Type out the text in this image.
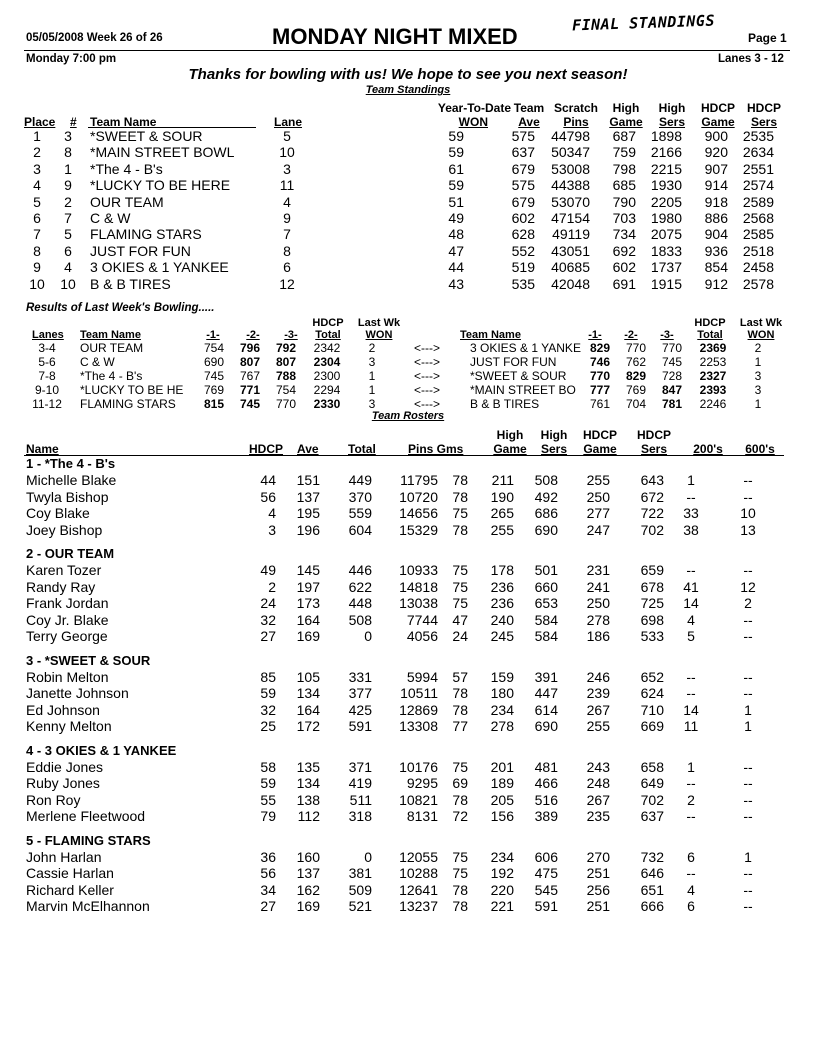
05/05/2008 Week 26 of 26	MONDAY NIGHT MIXED
FINAL STANDINGS
Page 1
Monday 7:00 pm	Lanes 3 - 12
Thanks for bowling with us! We hope to see you next season!
Team Standings
Year-To-Date Team Scratch	High	High	HDCP HDCP
Place # Team Name	Lane	WON	Ave	Pins	Game	Sers	Game	Sers
1	3	*SWEET & SOUR	5	59	575	44798	687	1898	900	2535
2	8	*MAIN STREET BOWL	10	59	637	50347	759	2166	920	2634
3	1	*The 4 - B's	3	61	679	53008	798	2215	907	2551
4	9	*LUCKY TO BE HERE	11	59	575	44388	685	1930	914	2574
5	2	OUR TEAM	4	51	679	53070	790	2205	918	2589
6	7	C & W	9	49	602	47154	703	1980	886	2568
7	5	FLAMING STARS	7	48	628	49119	734	2075	904	2585
8	6	JUST FOR FUN	8	47	552	43051	692	1833	936	2518
9	4	3 OKIES & 1 YANKEE	6	44	519	40685	602	1737	854	2458
10	10	B & B TIRES	12	43	535	42048	691	1915	912	2578
Results of Last Week's Bowling.....
HDCP	Last Wk	HDCP	Last Wk
Lanes Team Name	-1-	-2-	-3-	Total	WON	Team Name	-1-	-2-	-3-	Total	WON
3-4	OUR TEAM	754	796	792	2342	2	<--->	3 OKIES & 1 YANKE	829	770	770	2369	2
5-6	C & W	690	807	807	2304	3	<--->	JUST FOR FUN	746	762	745	2253	1
7-8	*The 4 - B's	745	767	788	2300	1	<--->	*SWEET & SOUR	770	829	728	2327	3
9-10	*LUCKY TO BE HE	769	771	754	2294	1	<--->	*MAIN STREET BO	777	769	847	2393	3
11-12	FLAMING STARS	815	745	770	2330	3	<--->	B & B TIRES	761	704	781	2246	1
Team Rosters
High	High	HDCP	HDCP
Name	HDCP Ave Total	Pins Gms Game	Sers	Game	Sers	200's	600's
1 - *The 4 - B's
Michelle Blake	44	151	449	11795	78	211	508	255	643	1	--
Twyla Bishop	56	137	370	10720	78	190	492	250	672	--	--
Coy Blake	4	195	559	14656	75	265	686	277	722	33	10
Joey Bishop	3	196	604	15329	78	255	690	247	702	38	13
2 - OUR TEAM
Karen Tozer	49	145	446	10933	75	178	501	231	659	--	--
Randy Ray	2	197	622	14818	75	236	660	241	678	41	12
Frank Jordan	24	173	448	13038	75	236	653	250	725	14	2
Coy Jr. Blake	32	164	508	7744	47	240	584	278	698	4	--
Terry George	27	169	0	4056	24	245	584	186	533	5	--
3 - *SWEET & SOUR
Robin Melton	85	105	331	5994	57	159	391	246	652	--	--
Janette Johnson	59	134	377	10511	78	180	447	239	624	--	--
Ed Johnson	32	164	425	12869	78	234	614	267	710	14	1
Kenny Melton	25	172	591	13308	77	278	690	255	669	11	1
4 - 3 OKIES & 1 YANKEE
Eddie Jones	58	135	371	10176	75	201	481	243	658	1	--
Ruby Jones	59	134	419	9295	69	189	466	248	649	--	--
Ron Roy	55	138	511	10821	78	205	516	267	702	2	--
Merlene Fleetwood	79	112	318	8131	72	156	389	235	637	--	--
5 - FLAMING STARS
John Harlan	36	160	0	12055	75	234	606	270	732	6	1
Cassie Harlan	56	137	381	10288	75	192	475	251	646	--	--
Richard Keller	34	162	509	12641	78	220	545	256	651	4	--
Marvin McElhannon	27	169	521	13237	78	221	591	251	666	6	--
